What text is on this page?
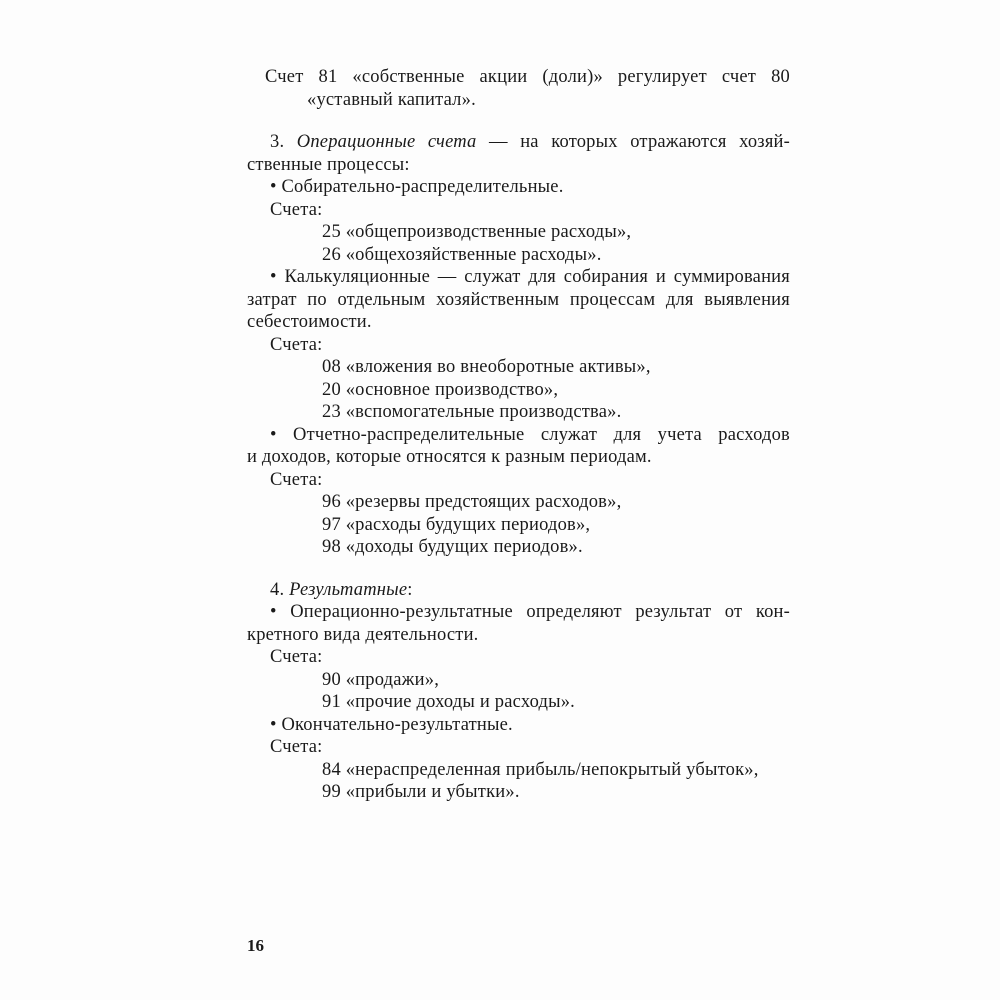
Счет 81 «собственные акции (доли)» регулирует счет 80
«уставный капитал».
3. Операционные счета — на которых отражаются хозяй-
ственные процессы:
• Собирательно-распределительные.
Счета:
25 «общепроизводственные расходы»,
26 «общехозяйственные расходы».
• Калькуляционные — служат для собирания и суммирования
затрат по отдельным хозяйственным процессам для выявления
себестоимости.
Счета:
08 «вложения во внеоборотные активы»,
20 «основное производство»,
23 «вспомогательные производства».
• Отчетно-распределительные служат для учета расходов
и доходов, которые относятся к разным периодам.
Счета:
96 «резервы предстоящих расходов»,
97 «расходы будущих периодов»,
98 «доходы будущих периодов».
4. Результатные:
• Операционно-результатные определяют результат от кон-
кретного вида деятельности.
Счета:
90 «продажи»,
91 «прочие доходы и расходы».
• Окончательно-результатные.
Счета:
84 «нераспределенная прибыль/непокрытый убыток»,
99 «прибыли и убытки».
16
